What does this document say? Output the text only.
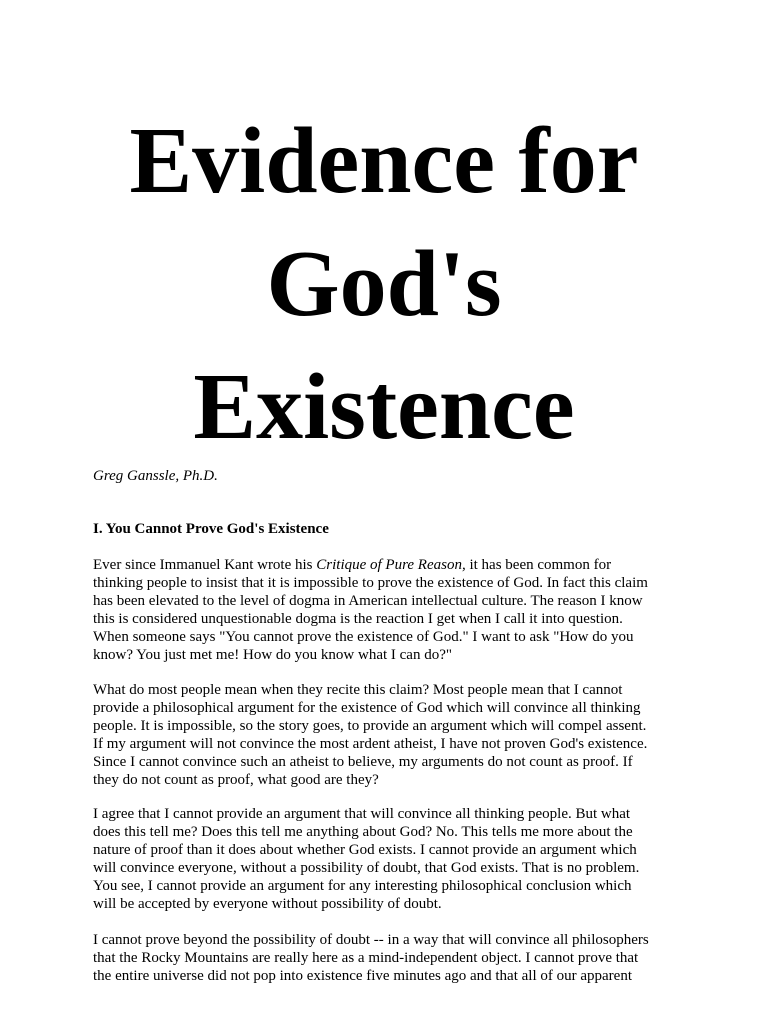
Evidence for
God's
Existence

Greg Ganssle, Ph.D.

I. You Cannot Prove God's Existence

Ever since Immanuel Kant wrote his Critique of Pure Reason, it has been common for
thinking people to insist that it is impossible to prove the existence of God. In fact this claim
has been elevated to the level of dogma in American intellectual culture. The reason I know
this is considered unquestionable dogma is the reaction I get when I call it into question.
When someone says "You cannot prove the existence of God." I want to ask "How do you
know? You just met me! How do you know what I can do?"

What do most people mean when they recite this claim? Most people mean that I cannot
provide a philosophical argument for the existence of God which will convince all thinking
people. It is impossible, so the story goes, to provide an argument which will compel assent.
If my argument will not convince the most ardent atheist, I have not proven God's existence.
Since I cannot convince such an atheist to believe, my arguments do not count as proof. If
they do not count as proof, what good are they?

I agree that I cannot provide an argument that will convince all thinking people. But what
does this tell me? Does this tell me anything about God? No. This tells me more about the
nature of proof than it does about whether God exists. I cannot provide an argument which
will convince everyone, without a possibility of doubt, that God exists. That is no problem.
You see, I cannot provide an argument for any interesting philosophical conclusion which
will be accepted by everyone without possibility of doubt.

I cannot prove beyond the possibility of doubt -- in a way that will convince all philosophers
that the Rocky Mountains are really here as a mind-independent object. I cannot prove that
the entire universe did not pop into existence five minutes ago and that all of our apparent
